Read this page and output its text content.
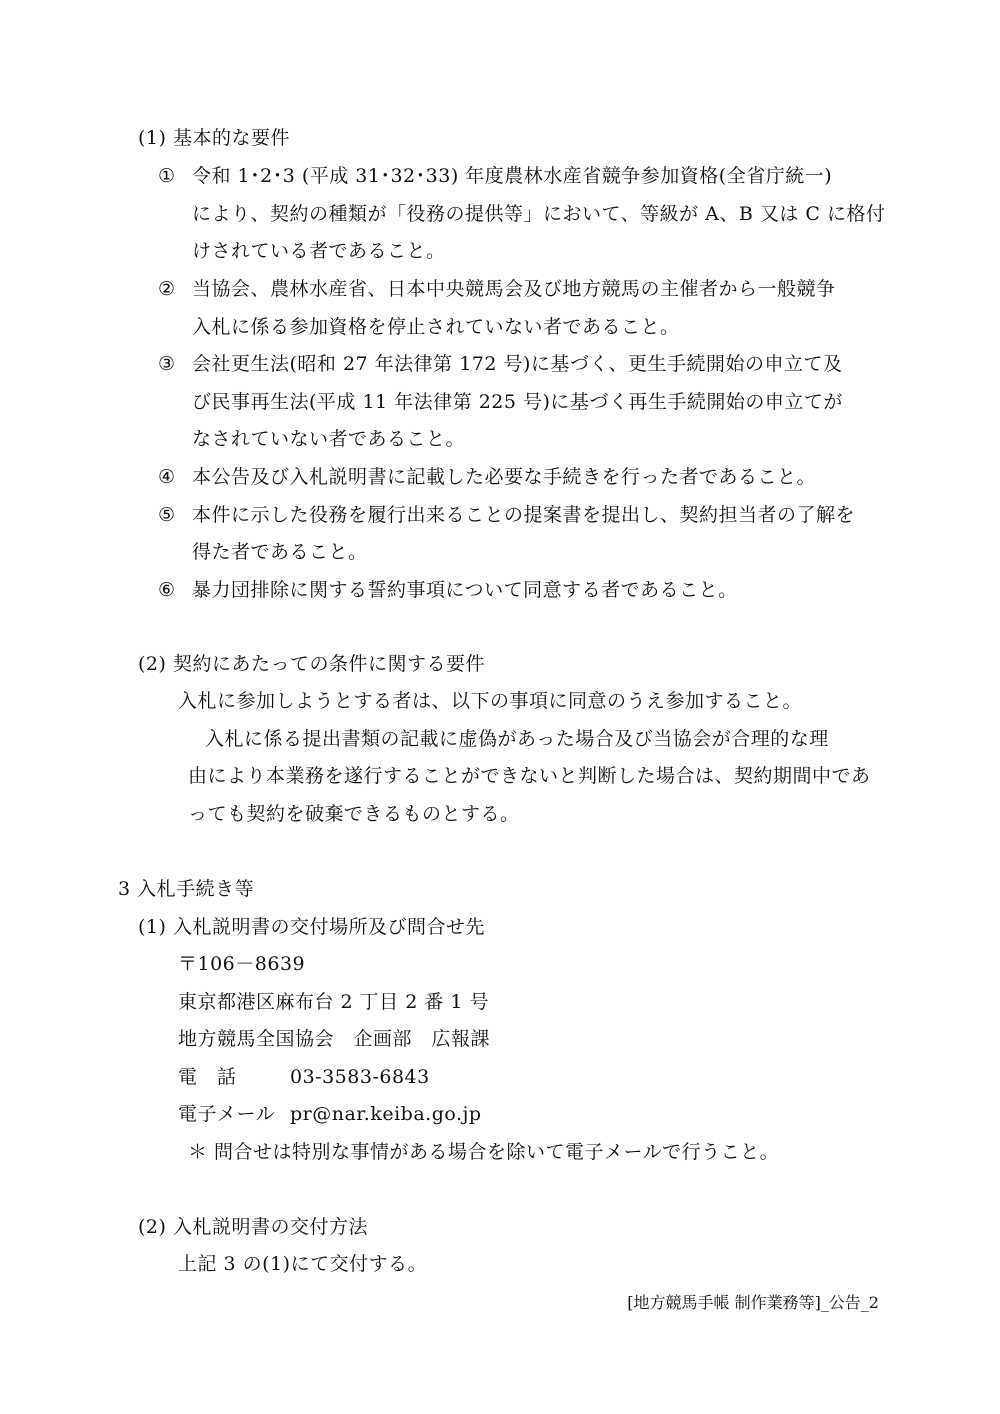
(1) 基本的な要件
① 令和 1･2･3 (平成 31･32･33) 年度農林水産省競争参加資格(全省庁統一)
により、契約の種類が「役務の提供等」において、等級が A、B 又は C に格付
けされている者であること。
② 当協会、農林水産省、日本中央競馬会及び地方競馬の主催者から一般競争
入札に係る参加資格を停止されていない者であること。
③ 会社更生法(昭和 27 年法律第 172 号)に基づく、更生手続開始の申立て及
び民事再生法(平成 11 年法律第 225 号)に基づく再生手続開始の申立てが
なされていない者であること。
④ 本公告及び入札説明書に記載した必要な手続きを行った者であること。
⑤ 本件に示した役務を履行出来ることの提案書を提出し、契約担当者の了解を
得た者であること。
⑥ 暴力団排除に関する誓約事項について同意する者であること。
(2) 契約にあたっての条件に関する要件
入札に参加しようとする者は、以下の事項に同意のうえ参加すること。
入札に係る提出書類の記載に虚偽があった場合及び当協会が合理的な理
由により本業務を遂行することができないと判断した場合は、契約期間中であ
っても契約を破棄できるものとする。
3 入札手続き等
(1) 入札説明書の交付場所及び問合せ先
〒106－8639
東京都港区麻布台 2 丁目 2 番 1 号
地方競馬全国協会　企画部　広報課
電　話	03-3583-6843
電子メール pr@nar.keiba.go.jp
＊ 問合せは特別な事情がある場合を除いて電子メールで行うこと。
(2) 入札説明書の交付方法
上記 3 の(1)にて交付する。
[地方競馬手帳 制作業務等]_公告_2
